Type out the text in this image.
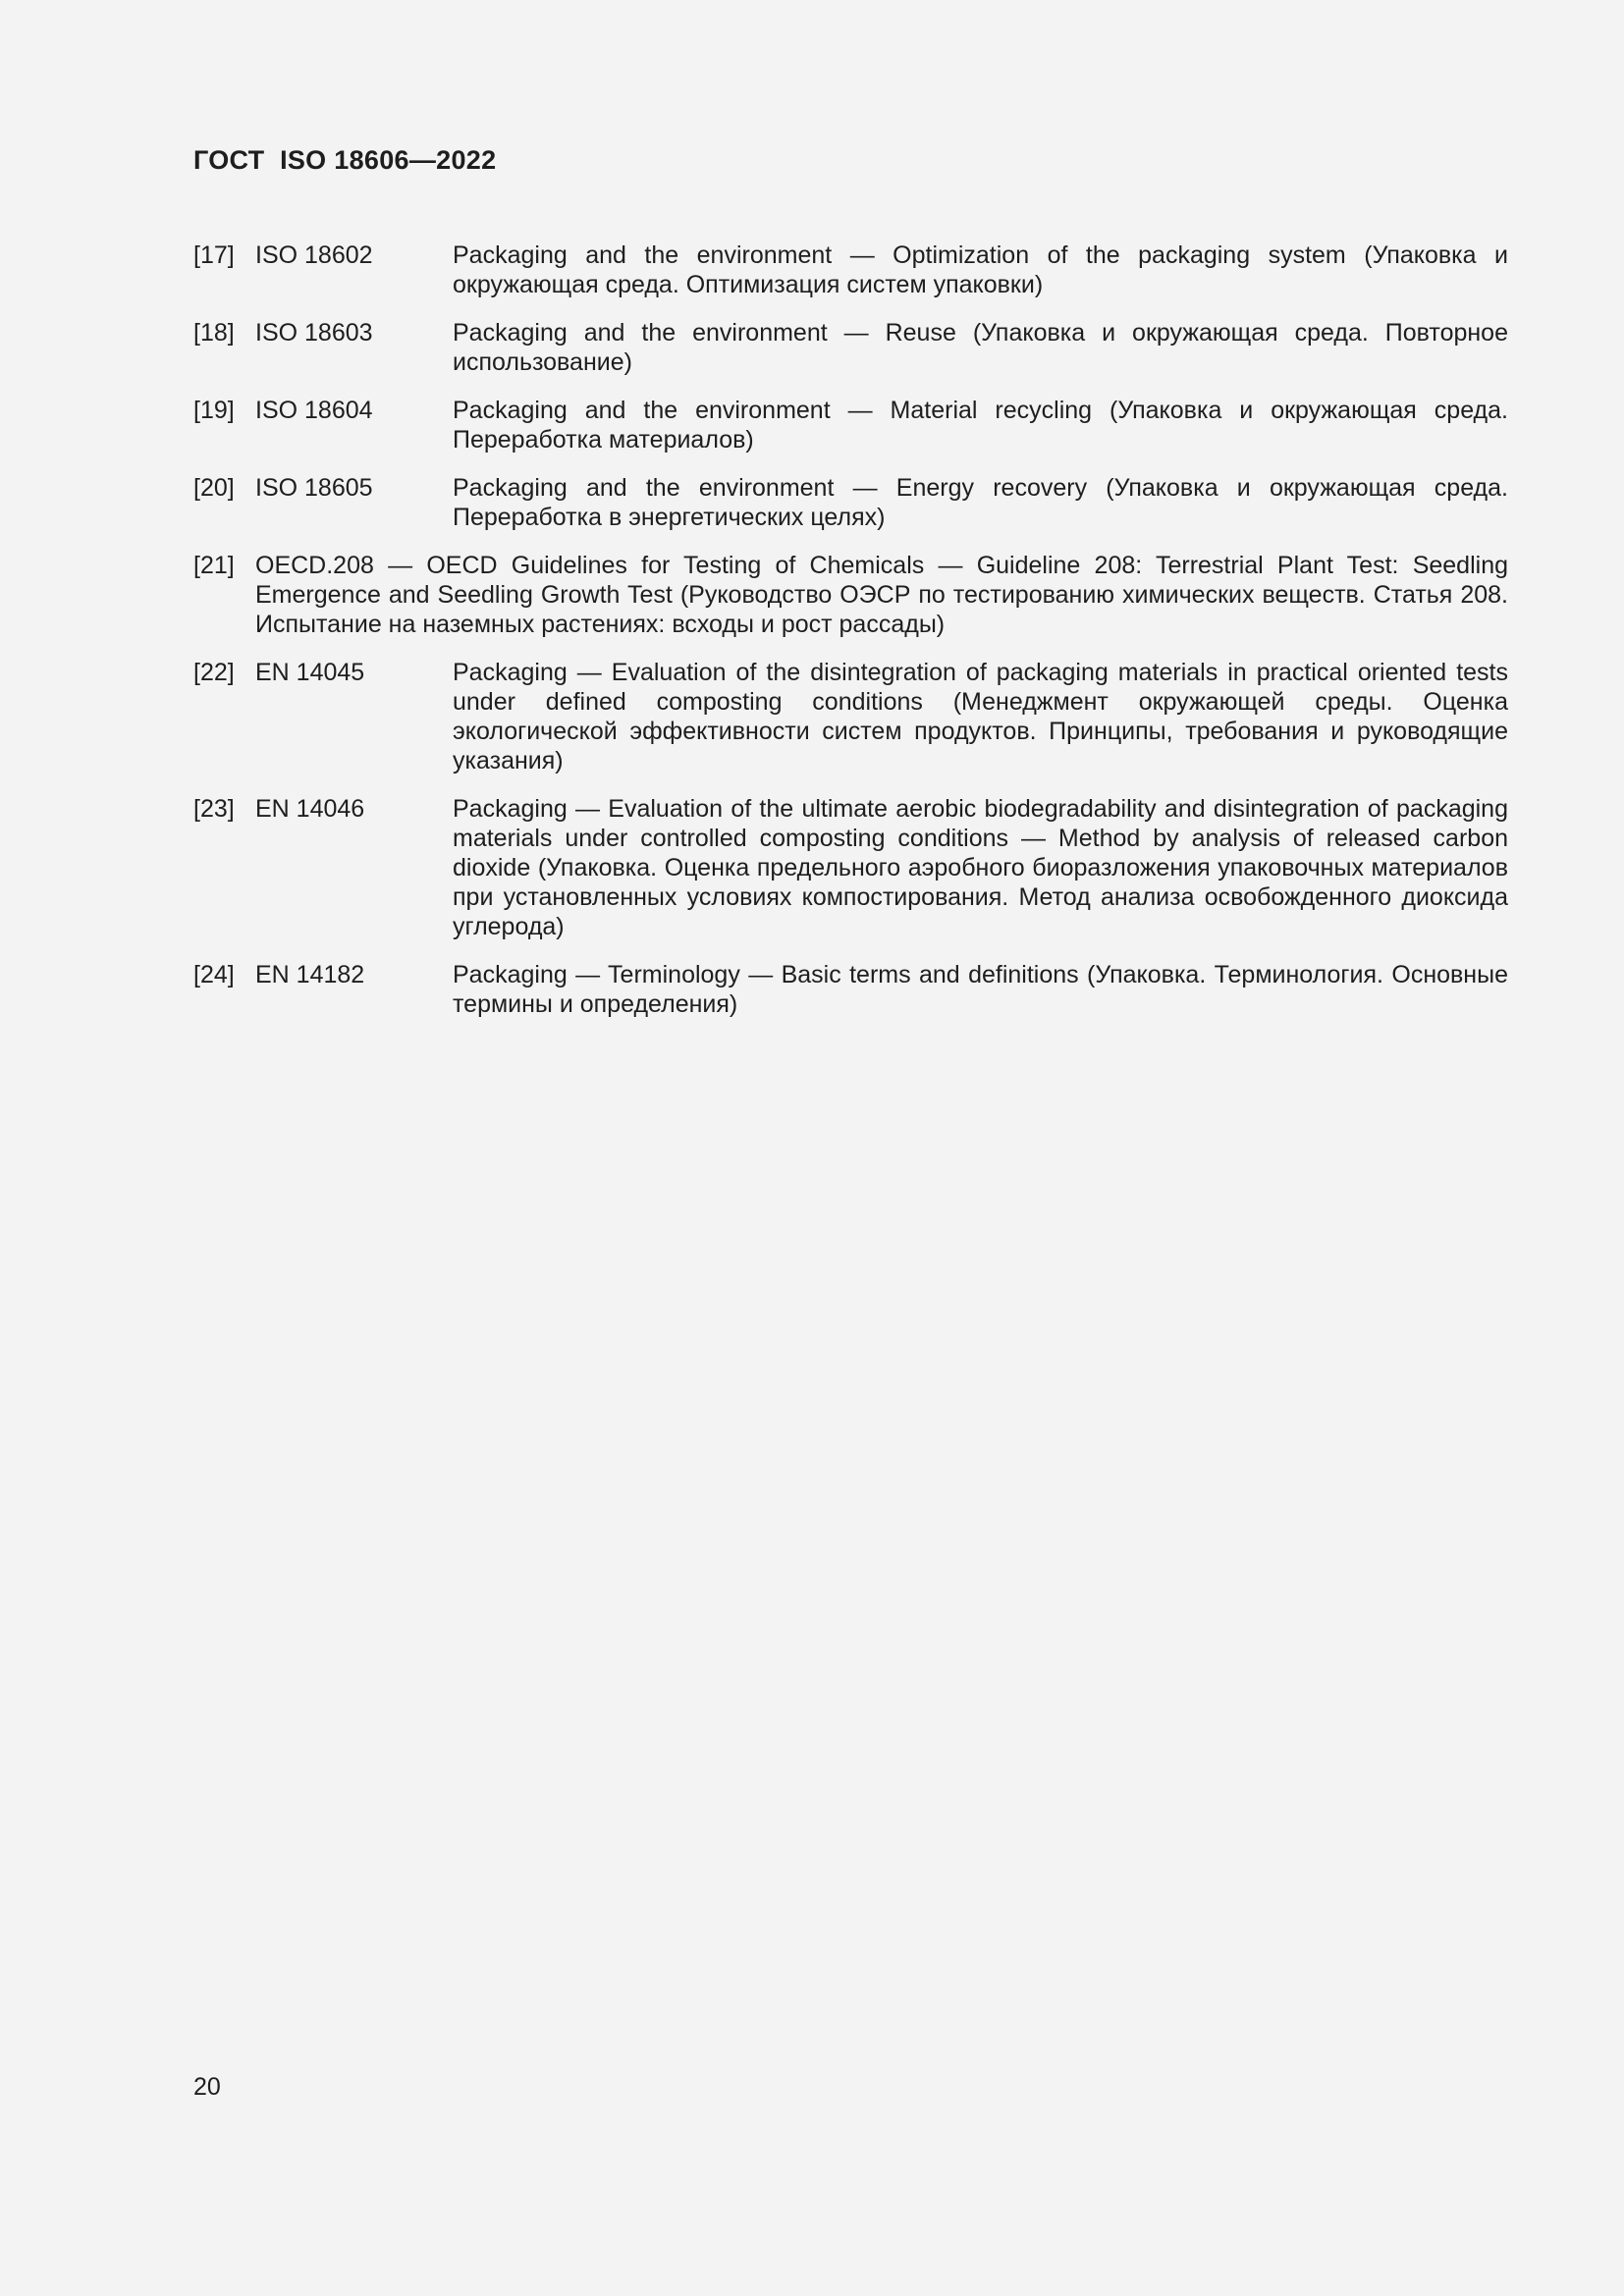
ГОСТ  ISO 18606—2022
[17] ISO 18602	Packaging and the environment — Optimization of the packaging system (Упаковка и окружающая среда. Оптимизация систем упаковки)
[18] ISO 18603	Packaging and the environment — Reuse (Упаковка и окружающая среда. Повторное использование)
[19] ISO 18604	Packaging and the environment — Material recycling (Упаковка и окружающая среда. Переработка материалов)
[20] ISO 18605	Packaging and the environment — Energy recovery (Упаковка и окружающая среда. Переработка в энергетических целях)
[21] OECD.208 — OECD Guidelines for Testing of Chemicals — Guideline 208: Terrestrial Plant Test: Seedling Emergence and Seedling Growth Test (Руководство ОЭСР по тестированию химических веществ. Статья 208. Испытание на наземных растениях: всходы и рост рассады)
[22] EN 14045	Packaging — Evaluation of the disintegration of packaging materials in practical oriented tests under defined composting conditions (Менеджмент окружающей среды. Оценка экологической эффективности систем продуктов. Принципы, требования и руководящие указания)
[23] EN 14046	Packaging — Evaluation of the ultimate aerobic biodegradability and disintegration of packaging materials under controlled composting conditions — Method by analysis of released carbon dioxide (Упаковка. Оценка предельного аэробного биоразложения упаковочных материалов при установленных условиях компостирования. Метод анализа освобожденного диоксида углерода)
[24] EN 14182	Packaging — Terminology — Basic terms and definitions (Упаковка. Терминология. Основные термины и определения)
20
